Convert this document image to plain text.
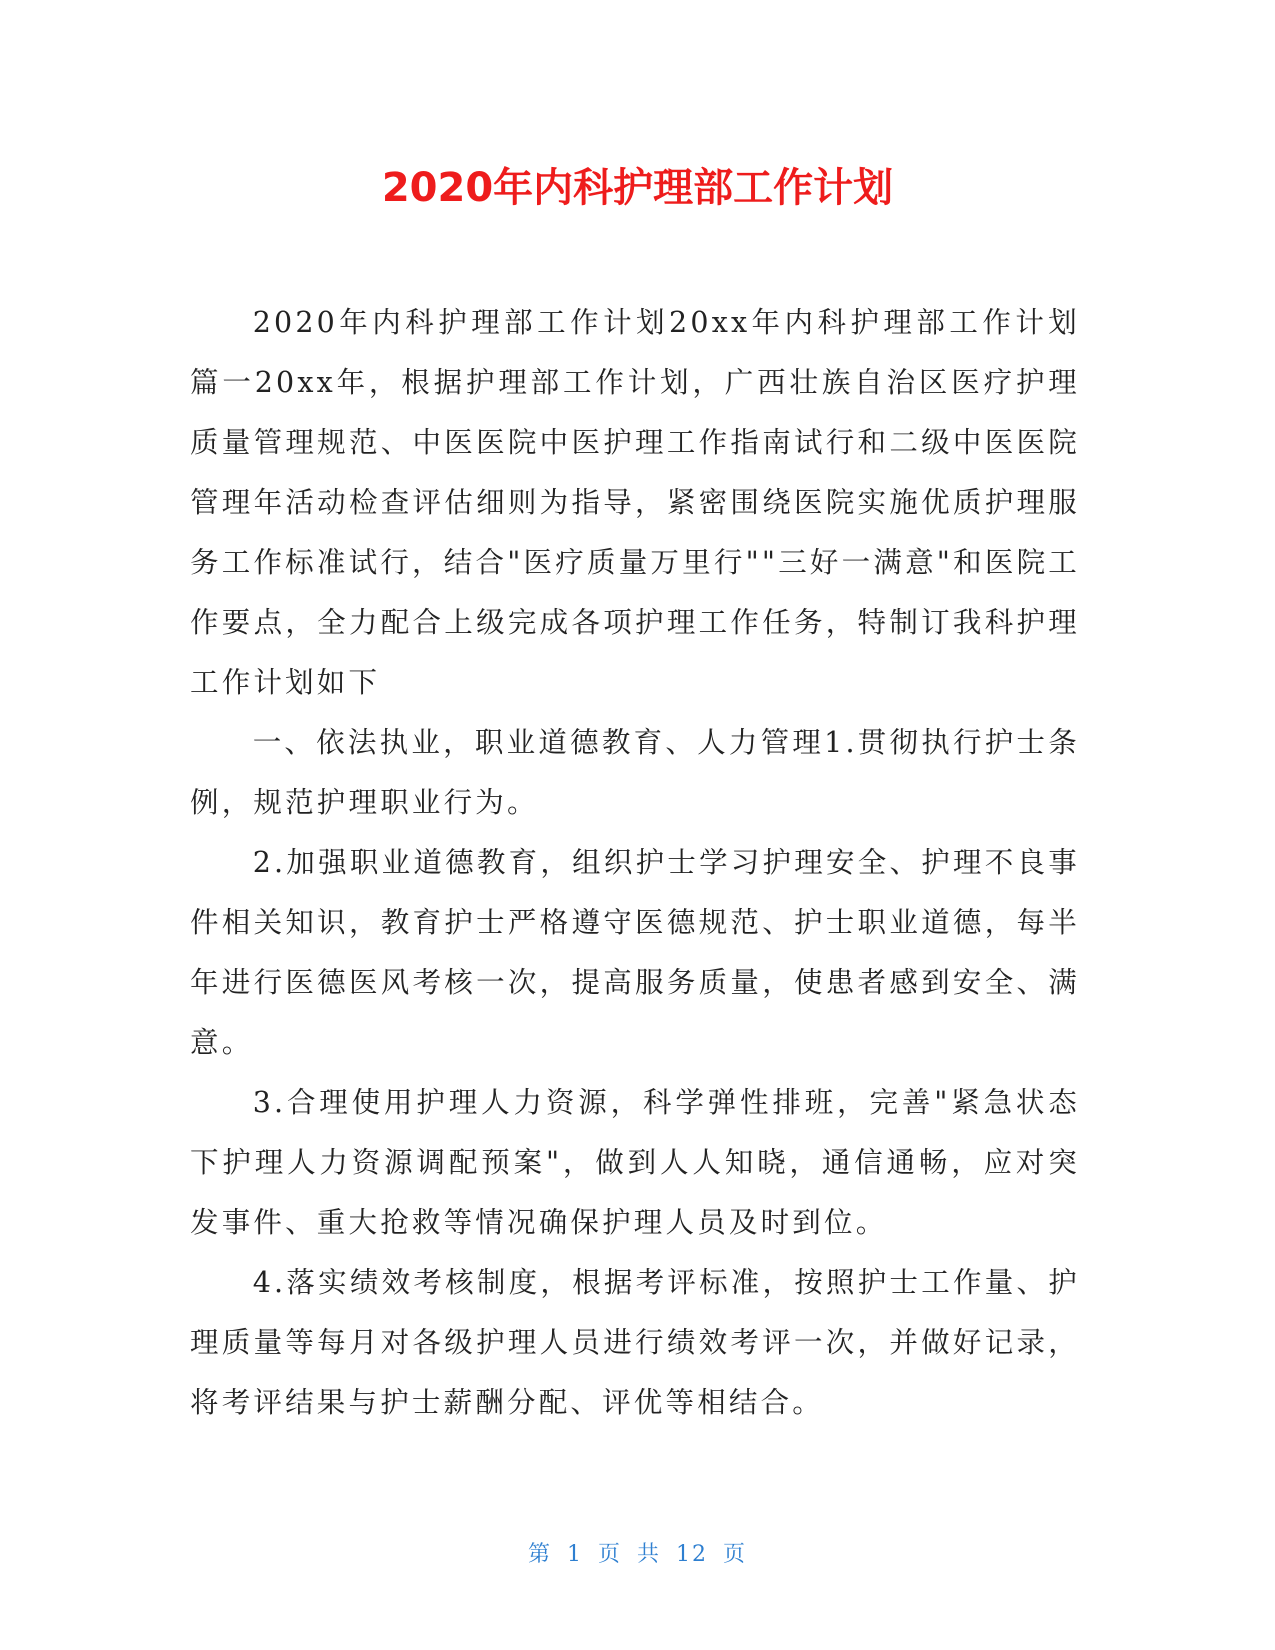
2020年内科护理部工作计划

2020年内科护理部工作计划20xx年内科护理部工作计划篇一20xx年，根据护理部工作计划，广西壮族自治区医疗护理质量管理规范、中医医院中医护理工作指南试行和二级中医医院管理年活动检查评估细则为指导，紧密围绕医院实施优质护理服务工作标准试行，结合"医疗质量万里行""三好一满意"和医院工作要点，全力配合上级完成各项护理工作任务，特制订我科护理工作计划如下

一、依法执业，职业道德教育、人力管理1.贯彻执行护士条例，规范护理职业行为。

2.加强职业道德教育，组织护士学习护理安全、护理不良事件相关知识，教育护士严格遵守医德规范、护士职业道德，每半年进行医德医风考核一次，提高服务质量，使患者感到安全、满意。

3.合理使用护理人力资源，科学弹性排班，完善"紧急状态下护理人力资源调配预案"，做到人人知晓，通信通畅，应对突发事件、重大抢救等情况确保护理人员及时到位。

4.落实绩效考核制度，根据考评标准，按照护士工作量、护理质量等每月对各级护理人员进行绩效考评一次，并做好记录，将考评结果与护士薪酬分配、评优等相结合。

第 1 页 共 12 页
